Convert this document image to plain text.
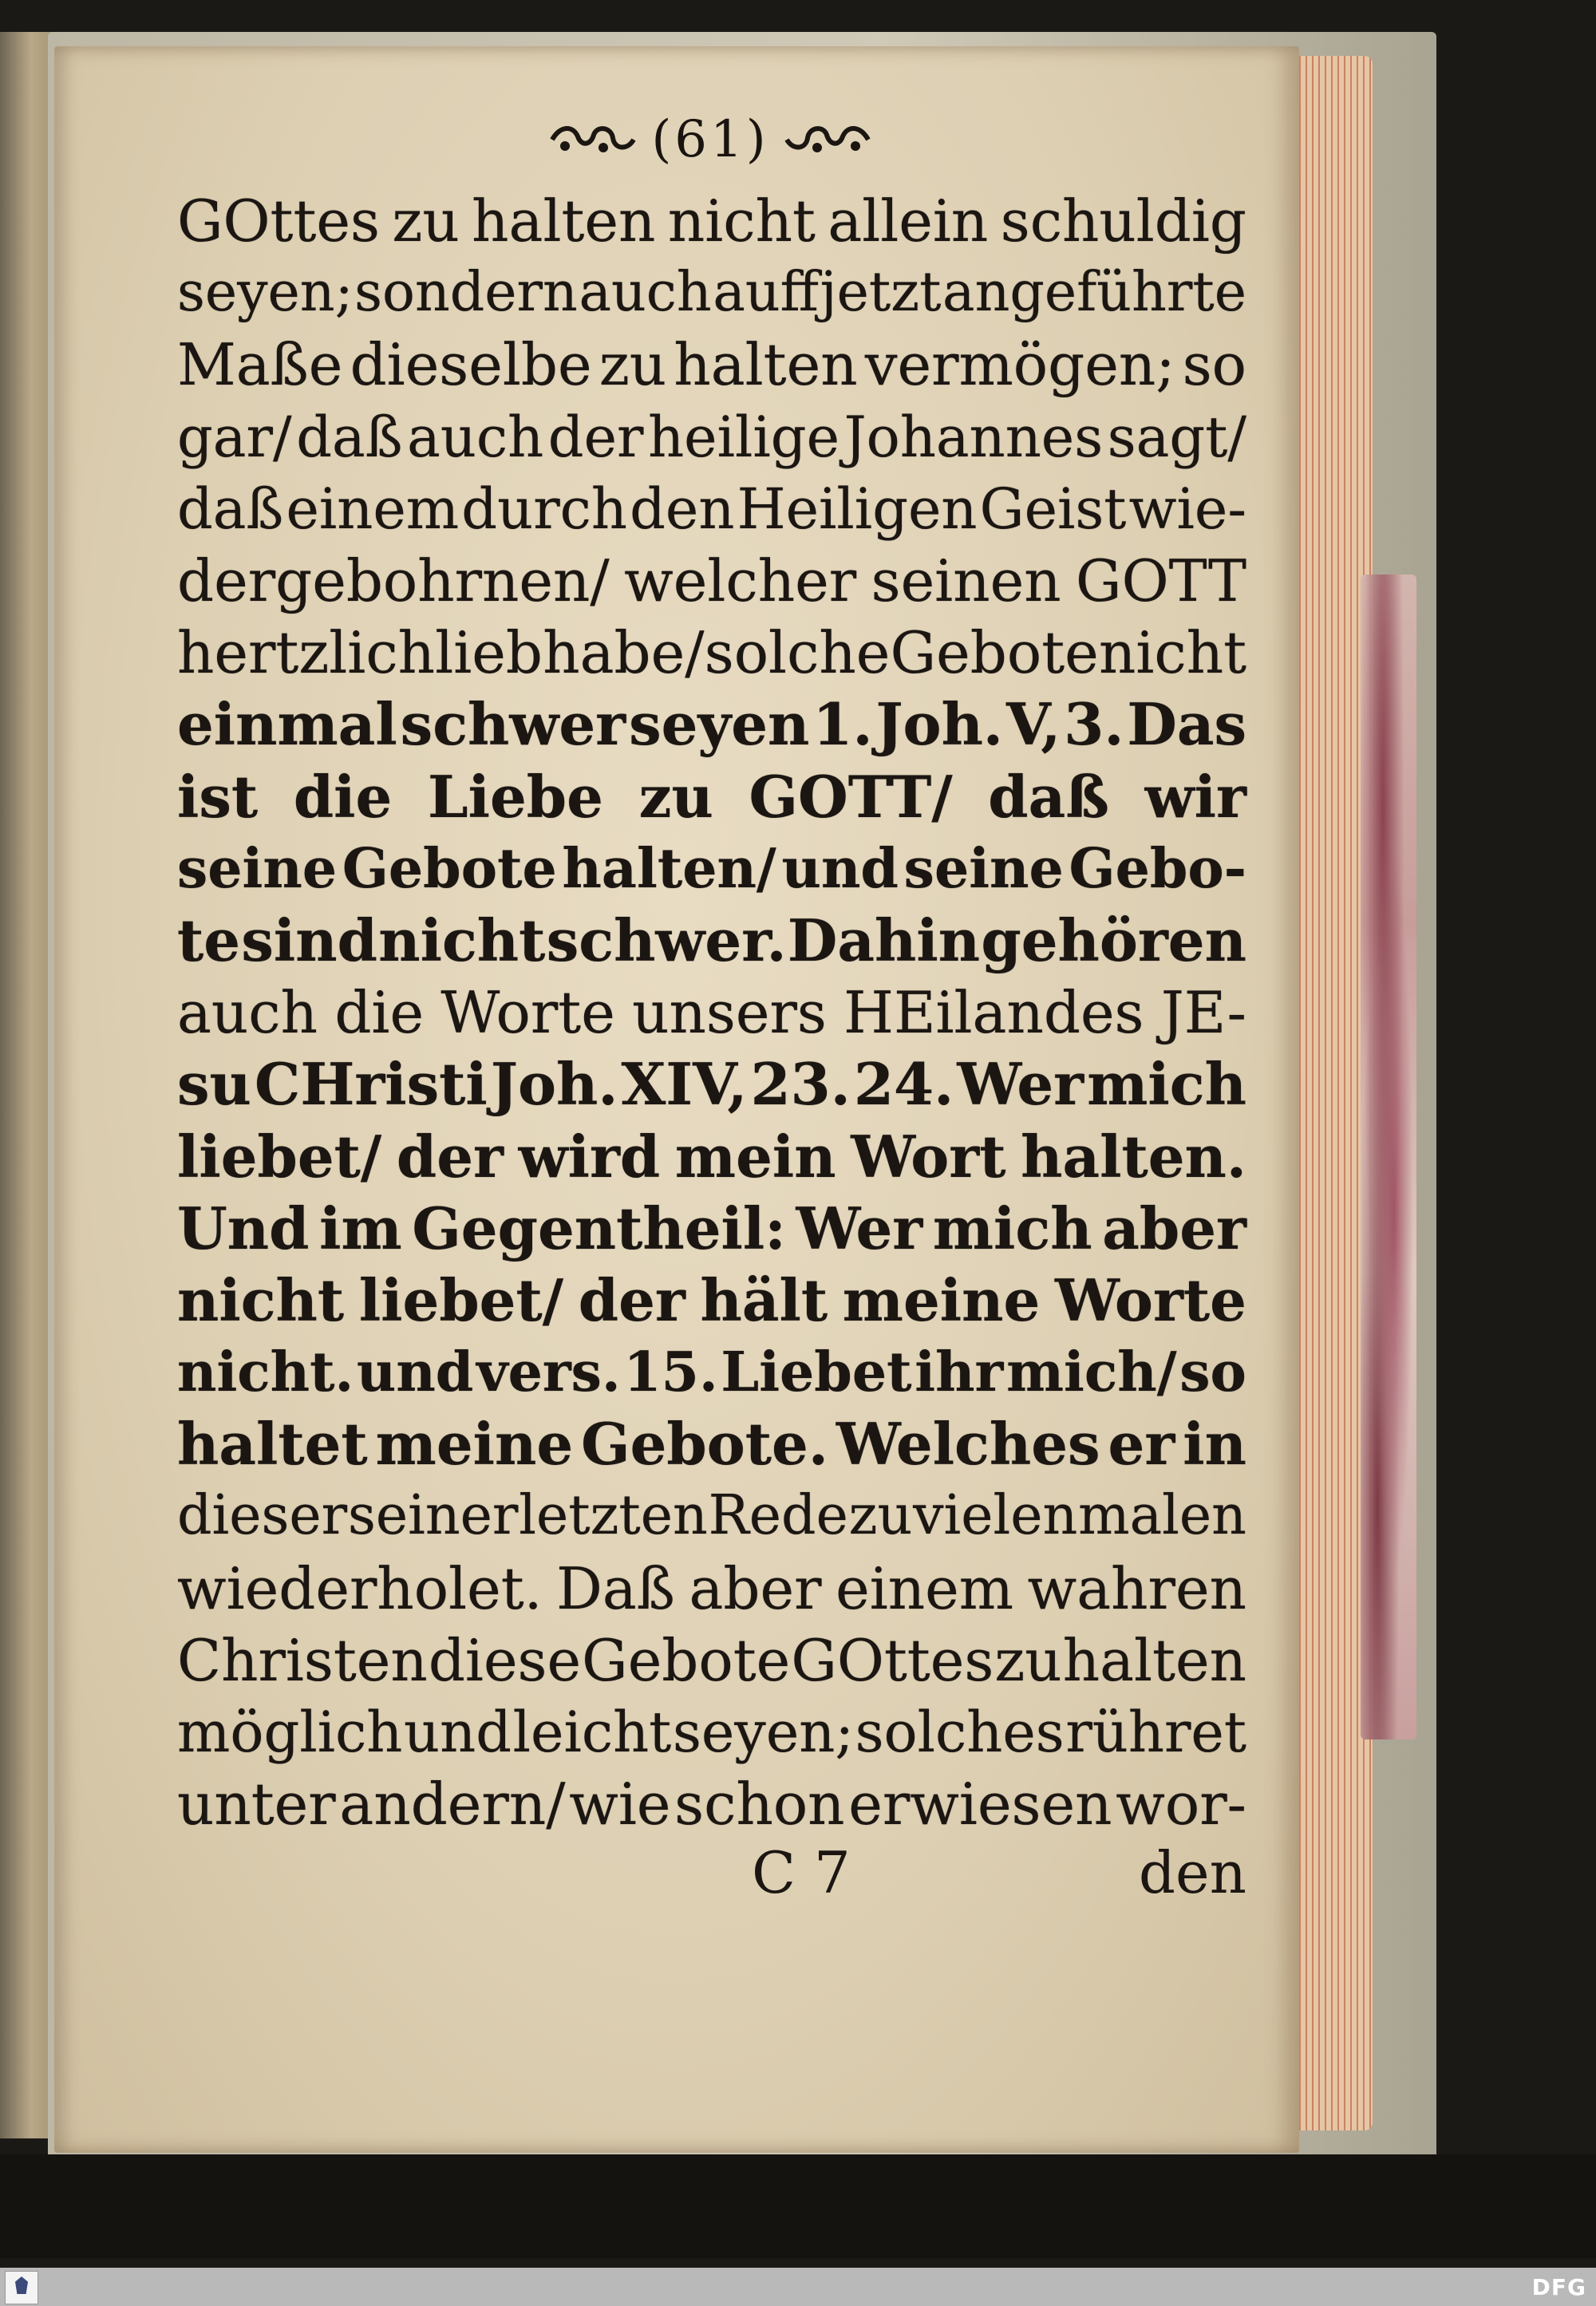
(61)
GOttes zu halten nicht allein schuldig
seyen; sondern auch auff jetzt angeführte
Maße dieselbe zu halten vermögen; so
gar/ daß auch der heilige Johannes sagt/
daß einem durch den Heiligen Geist wie-
dergebohrnen/ welcher seinen GOTT
hertzlich lieb habe/ solche Gebote nicht
einmal schwer seyen 1. Joh. V, 3. Das
ist die Liebe zu GOTT/ daß wir
seine Gebote halten/ und seine Gebo-
te sind nicht schwer. Dahin gehören
auch die Worte unsers HEilandes JE-
su CHristi Joh. XIV, 23. 24. Wer mich
liebet/ der wird mein Wort halten.
Und im Gegentheil: Wer mich aber
nicht liebet/ der hält meine Worte
nicht. und vers. 15. Liebet ihr mich/ so
haltet meine Gebote. Welches er in
dieser seiner letzten Rede zu vielen malen
wiederholet. Daß aber einem wahren
Christen diese Gebote GOttes zu halten
möglich und leicht seyen; solches rühret
unter andern/ wie schon erwiesen wor-
C 7	den
DFG
